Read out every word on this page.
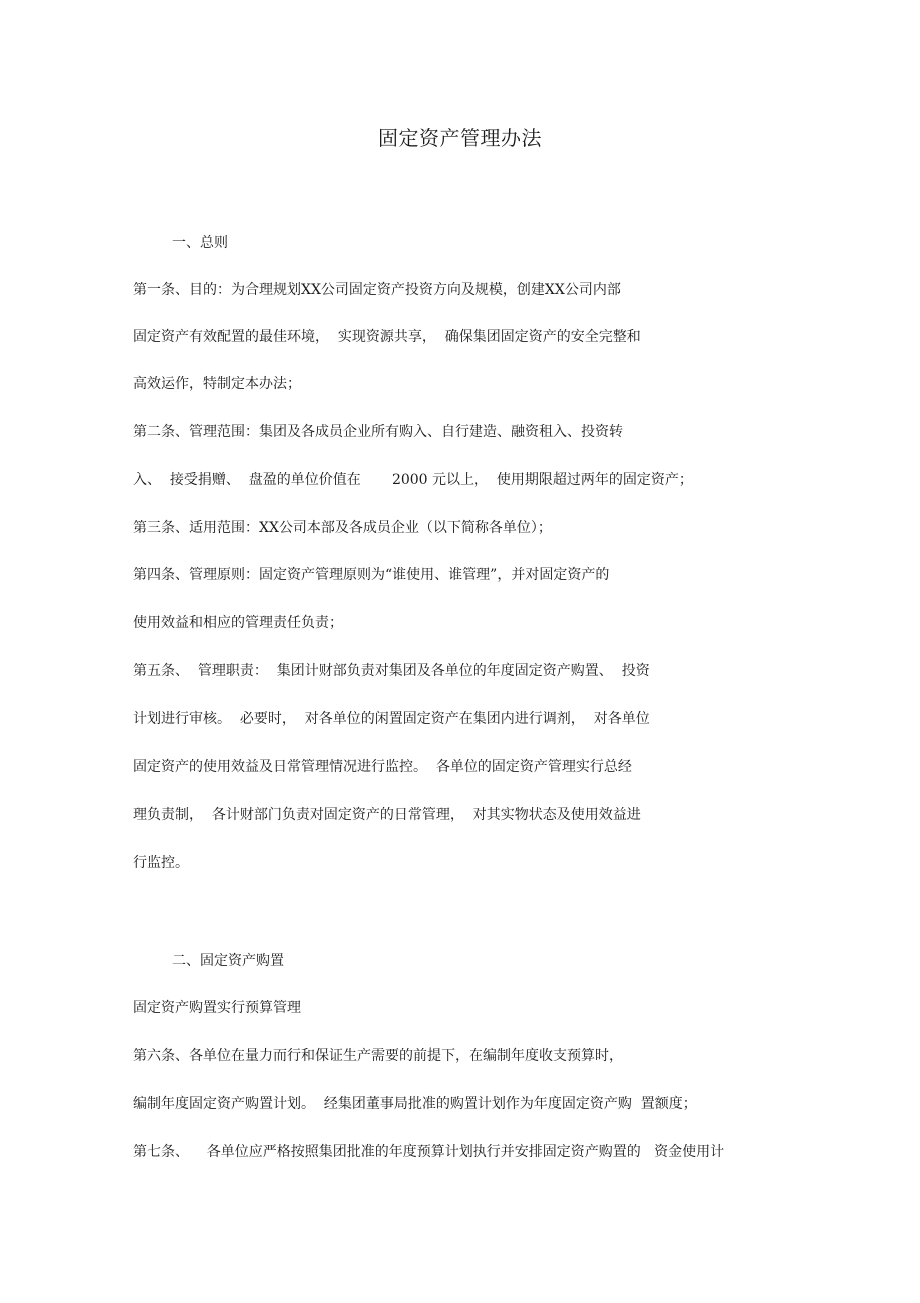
固定资产管理办法
一、总则
第一条、目的：为合理规划XX公司固定资产投资方向及规模，创建XX公司内部
固定资产有效配置的最佳环境，  实现资源共享，  确保集团固定资产的安全完整和
高效运作，特制定本办法；
第二条、管理范围：集团及各成员企业所有购入、自行建造、融资租入、投资转
入、  接受捐赠、  盘盈的单位价值在       2000 元以上，  使用期限超过两年的固定资产；
第三条、适用范围：XX公司本部及各成员企业（以下简称各单位）；
第四条、管理原则：固定资产管理原则为“谁使用、谁管理”，并对固定资产的
使用效益和相应的管理责任负责；
第五条、  管理职责：  集团计财部负责对集团及各单位的年度固定资产购置、  投资
计划进行审核。  必要时，  对各单位的闲置固定资产在集团内进行调剂，  对各单位
固定资产的使用效益及日常管理情况进行监控。  各单位的固定资产管理实行总经
理负责制，  各计财部门负责对固定资产的日常管理，  对其实物状态及使用效益进
行监控。
二、固定资产购置
固定资产购置实行预算管理
第六条、各单位在量力而行和保证生产需要的前提下，在编制年度收支预算时，
编制年度固定资产购置计划。  经集团董事局批准的购置计划作为年度固定资产购  置额度；
第七条、    各单位应严格按照集团批准的年度预算计划执行并安排固定资产购置的   资金使用计
